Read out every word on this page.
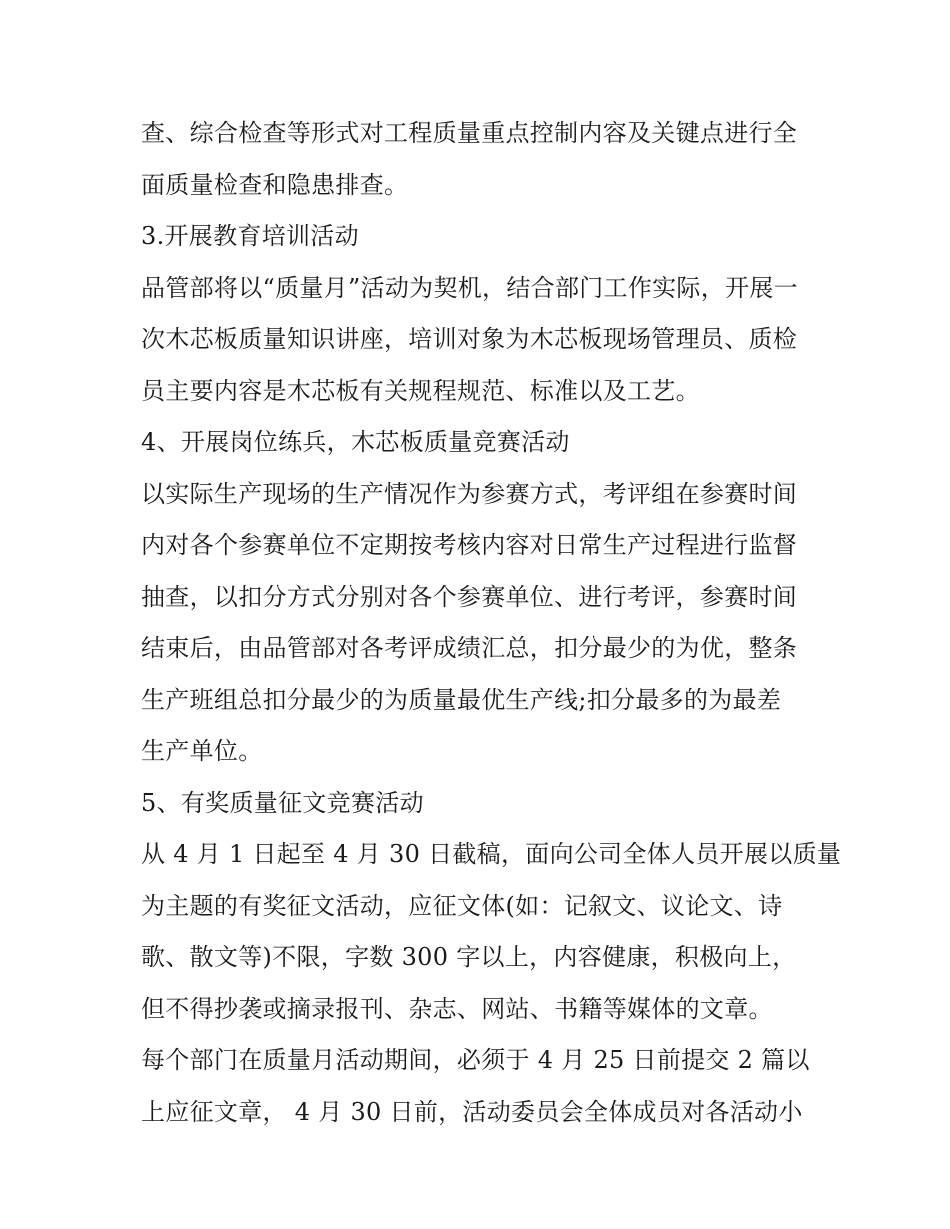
查、综合检查等形式对工程质量重点控制内容及关键点进行全
面质量检查和隐患排查。
3.开展教育培训活动
品管部将以“质量月”活动为契机，结合部门工作实际，开展一
次木芯板质量知识讲座，培训对象为木芯板现场管理员、质检
员主要内容是木芯板有关规程规范、标准以及工艺。
4、开展岗位练兵，木芯板质量竞赛活动
以实际生产现场的生产情况作为参赛方式，考评组在参赛时间
内对各个参赛单位不定期按考核内容对日常生产过程进行监督
抽查，以扣分方式分别对各个参赛单位、进行考评，参赛时间
结束后，由品管部对各考评成绩汇总，扣分最少的为优，整条
生产班组总扣分最少的为质量最优生产线;扣分最多的为最差
生产单位。
5、有奖质量征文竞赛活动
从 4 月 1 日起至 4 月 30 日截稿，面向公司全体人员开展以质量
为主题的有奖征文活动，应征文体(如：记叙文、议论文、诗
歌、散文等)不限，字数 300 字以上，内容健康，积极向上，
但不得抄袭或摘录报刊、杂志、网站、书籍等媒体的文章。
每个部门在质量月活动期间，必须于 4 月 25 日前提交 2 篇以
上应征文章， 4 月 30 日前，活动委员会全体成员对各活动小
